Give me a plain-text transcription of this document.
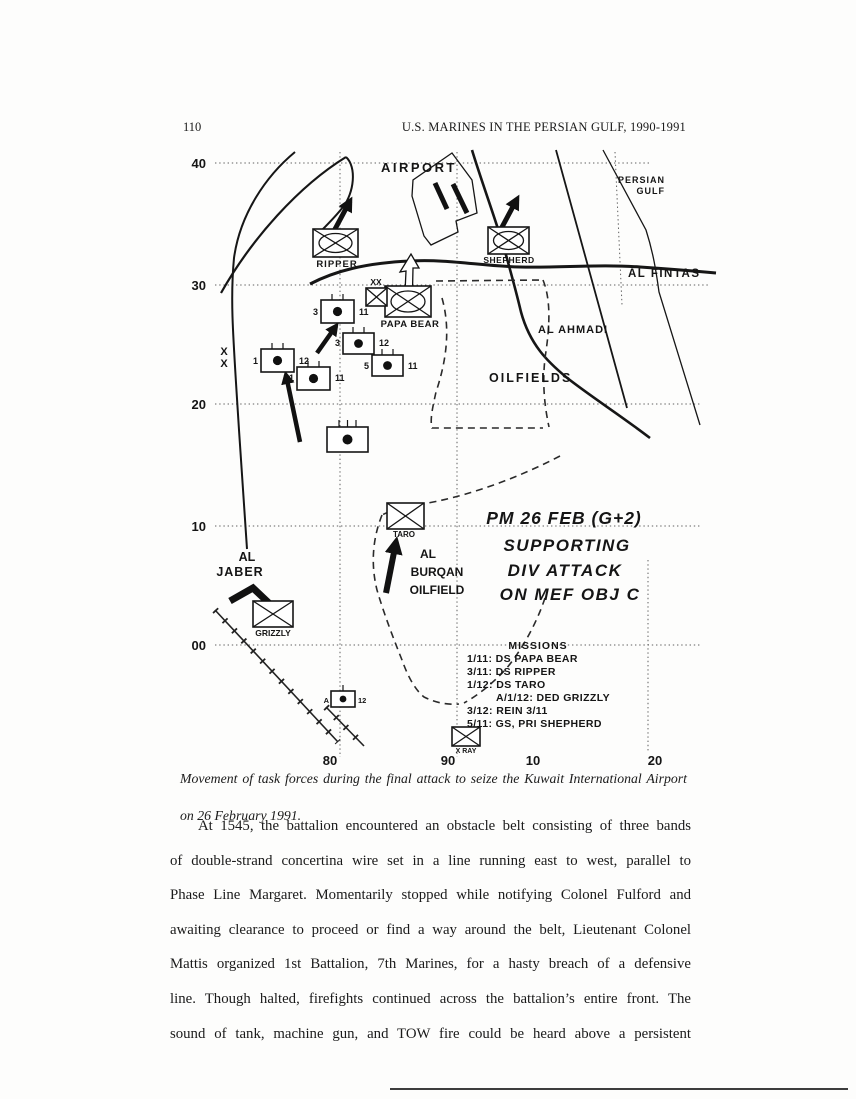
110	U.S. MARINES IN THE PERSIAN GULF, 1990-1991
3	11
1	12
1	11
3	12
5	11
A	12
AIRPORT
PERSIAN
GULF
AL FINTAS
AL AHMADI
OILFIELDS
AL
JABER
AL
BURQAN
OILFIELD
XX
X
X
RIPPER	SHEPHERD
PAPA BEAR
TARO
GRIZZLY
X RAY
40
30
20
10
00
80	90	10	20
PM 26 FEB (G+2)
SUPPORTING
DIV ATTACK
ON MEF OBJ C
MISSIONS
1/11: DS PAPA BEAR
3/11: DS RIPPER
1/12: DS TARO
A/1/12: DED GRIZZLY
3/12: REIN 3/11
5/11: GS, PRI SHEPHERD
Movement of task forces during the final attack to seize the Kuwait International Airport
on 26 February 1991.
At 1545, the battalion encountered an obstacle belt consisting of three bands
of double-strand concertina wire set in a line running east to west, parallel to
Phase Line Margaret. Momentarily stopped while notifying Colonel Fulford and
awaiting clearance to proceed or find a way around the belt, Lieutenant Colonel
Mattis organized 1st Battalion, 7th Marines, for a hasty breach of a defensive
line. Though halted, firefights continued across the battalion’s entire front. The
sound of tank, machine gun, and TOW fire could be heard above a persistent
